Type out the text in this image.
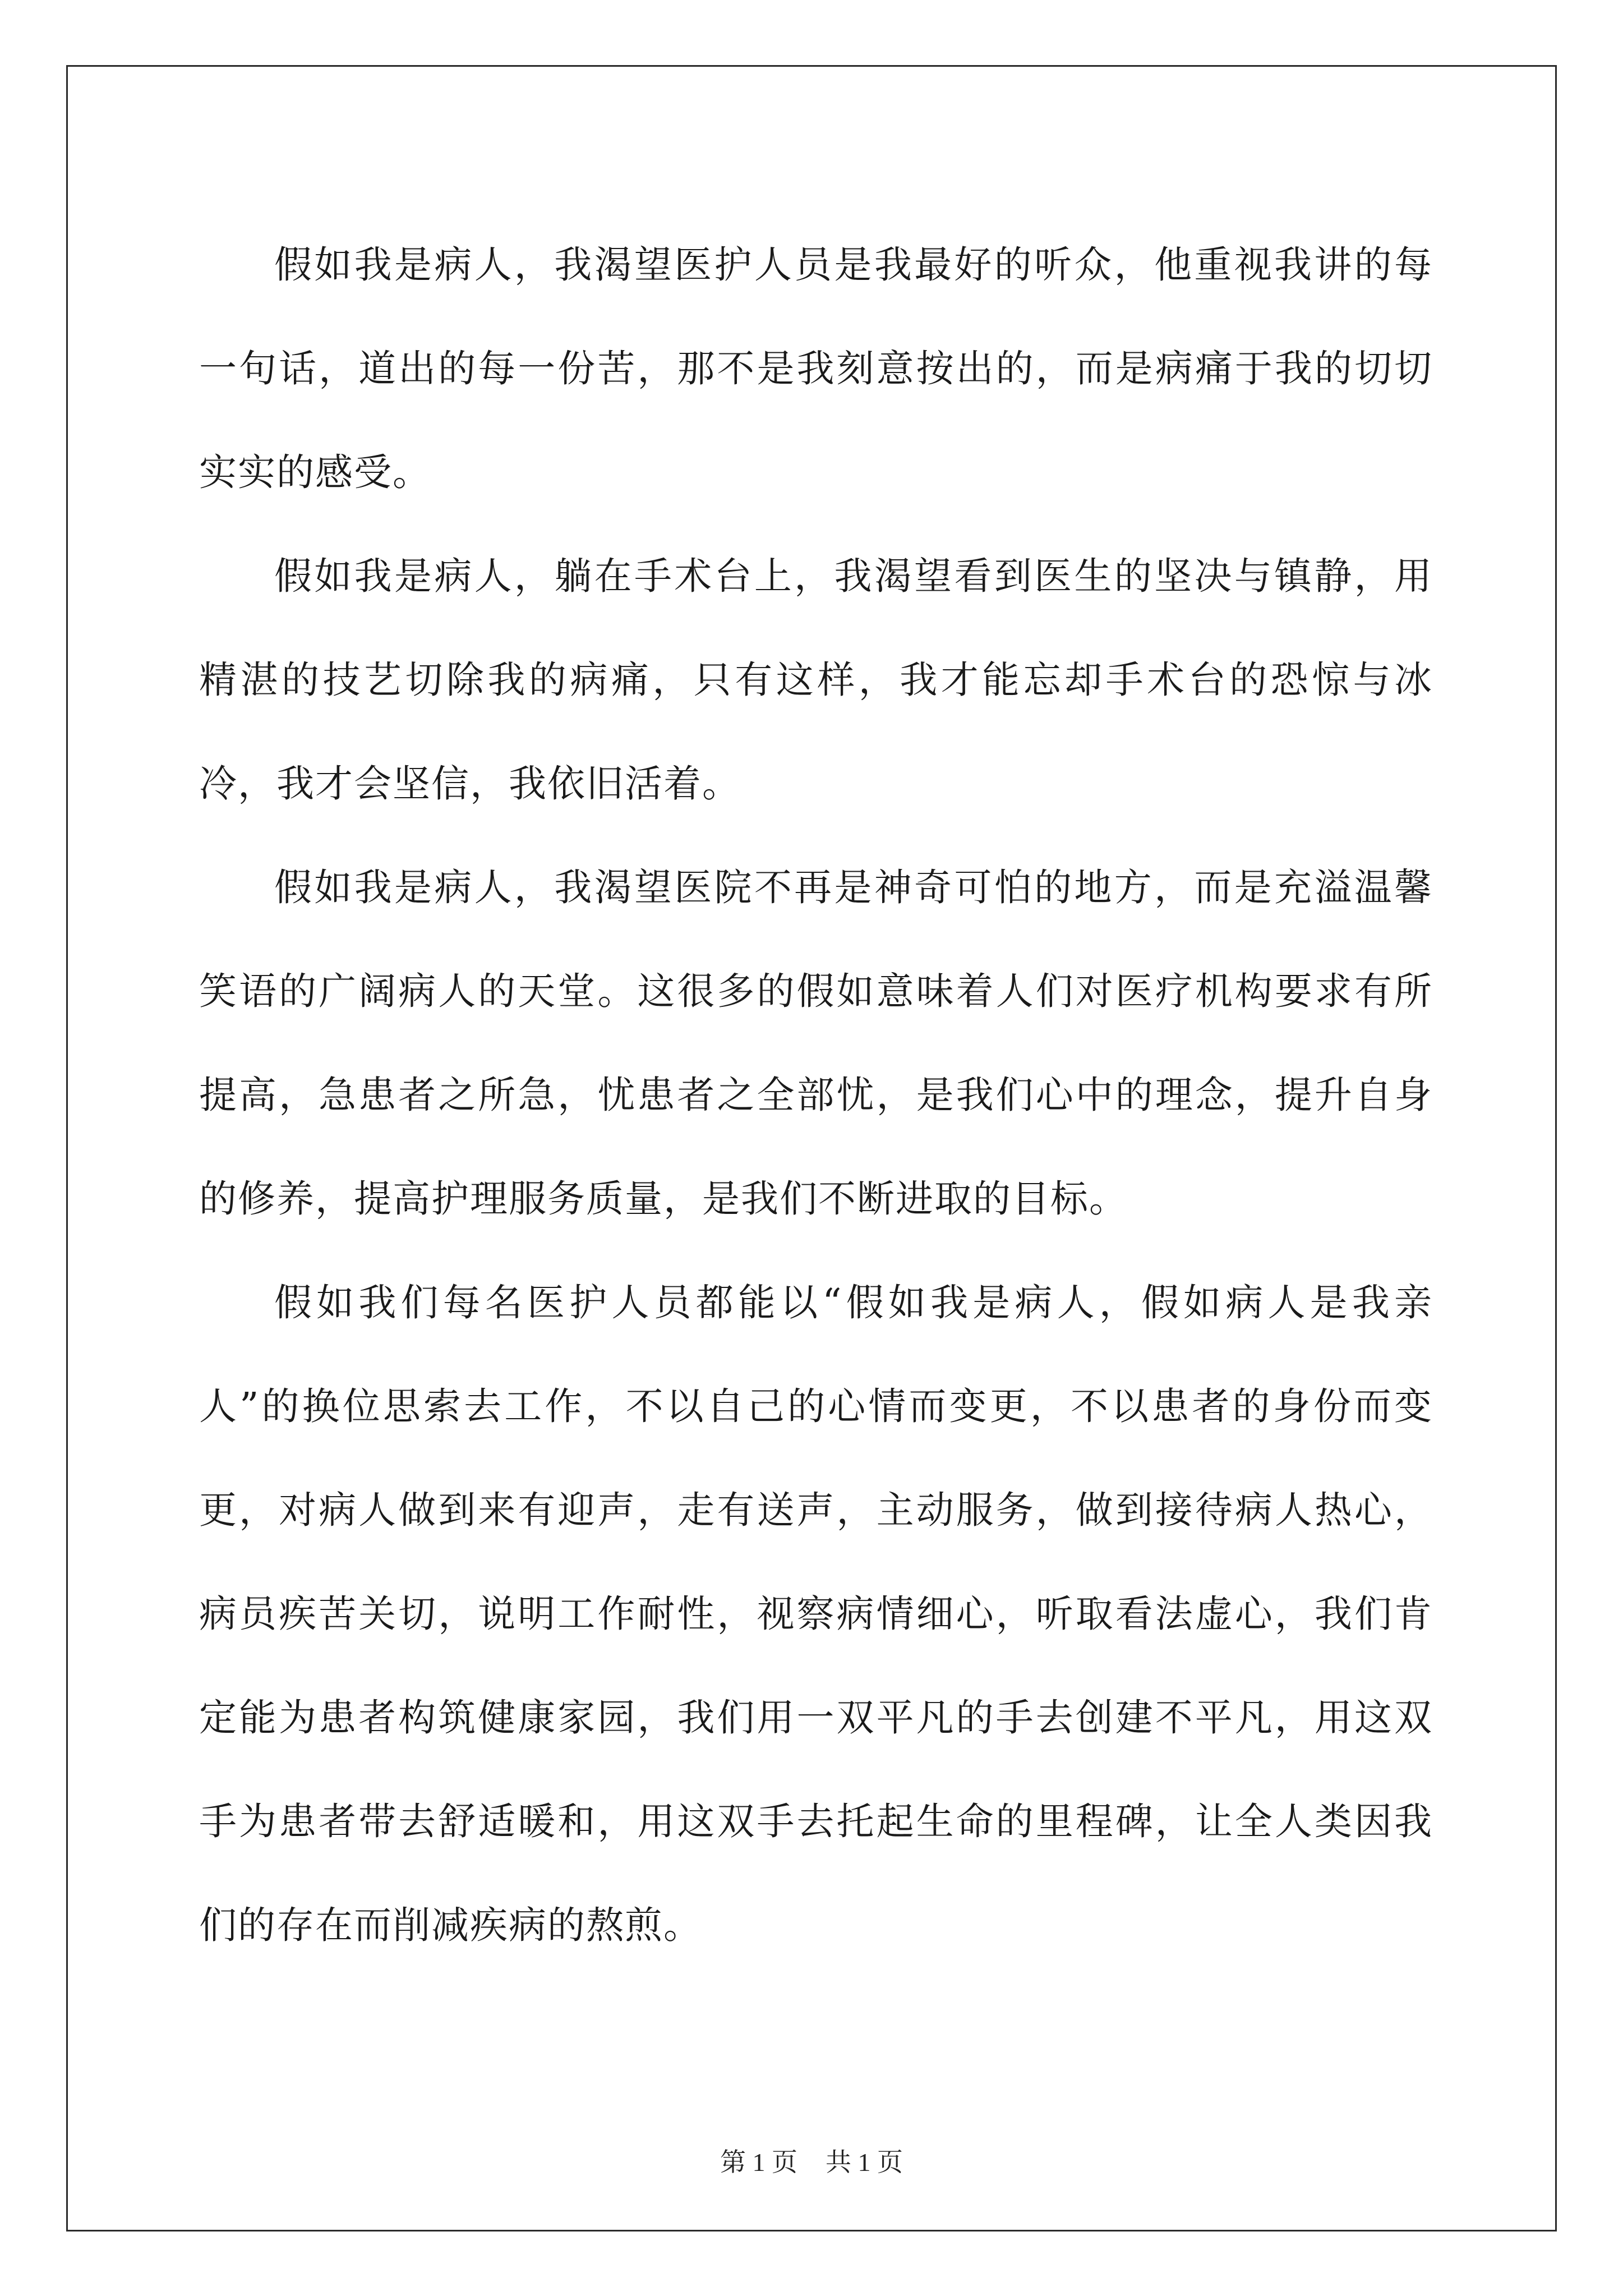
假如我是病人，我渴望医护人员是我最好的听众，他重视我讲的每一句话，道出的每一份苦，那不是我刻意按出的，而是病痛于我的切切实实的感受。

假如我是病人，躺在手术台上，我渴望看到医生的坚决与镇静，用精湛的技艺切除我的病痛，只有这样，我才能忘却手术台的恐惊与冰冷，我才会坚信，我依旧活着。

假如我是病人，我渴望医院不再是神奇可怕的地方，而是充溢温馨笑语的广阔病人的天堂。这很多的假如意味着人们对医疗机构要求有所提高，急患者之所急，忧患者之全部忧，是我们心中的理念，提升自身的修养，提高护理服务质量，是我们不断进取的目标。

假如我们每名医护人员都能以“假如我是病人，假如病人是我亲人”的换位思索去工作，不以自己的心情而变更，不以患者的身份而变更，对病人做到来有迎声，走有送声，主动服务，做到接待病人热心，病员疾苦关切，说明工作耐性，视察病情细心，听取看法虚心，我们肯定能为患者构筑健康家园，我们用一双平凡的手去创建不平凡，用这双手为患者带去舒适暖和，用这双手去托起生命的里程碑，让全人类因我们的存在而削减疾病的熬煎。

第 1 页 共 1 页
